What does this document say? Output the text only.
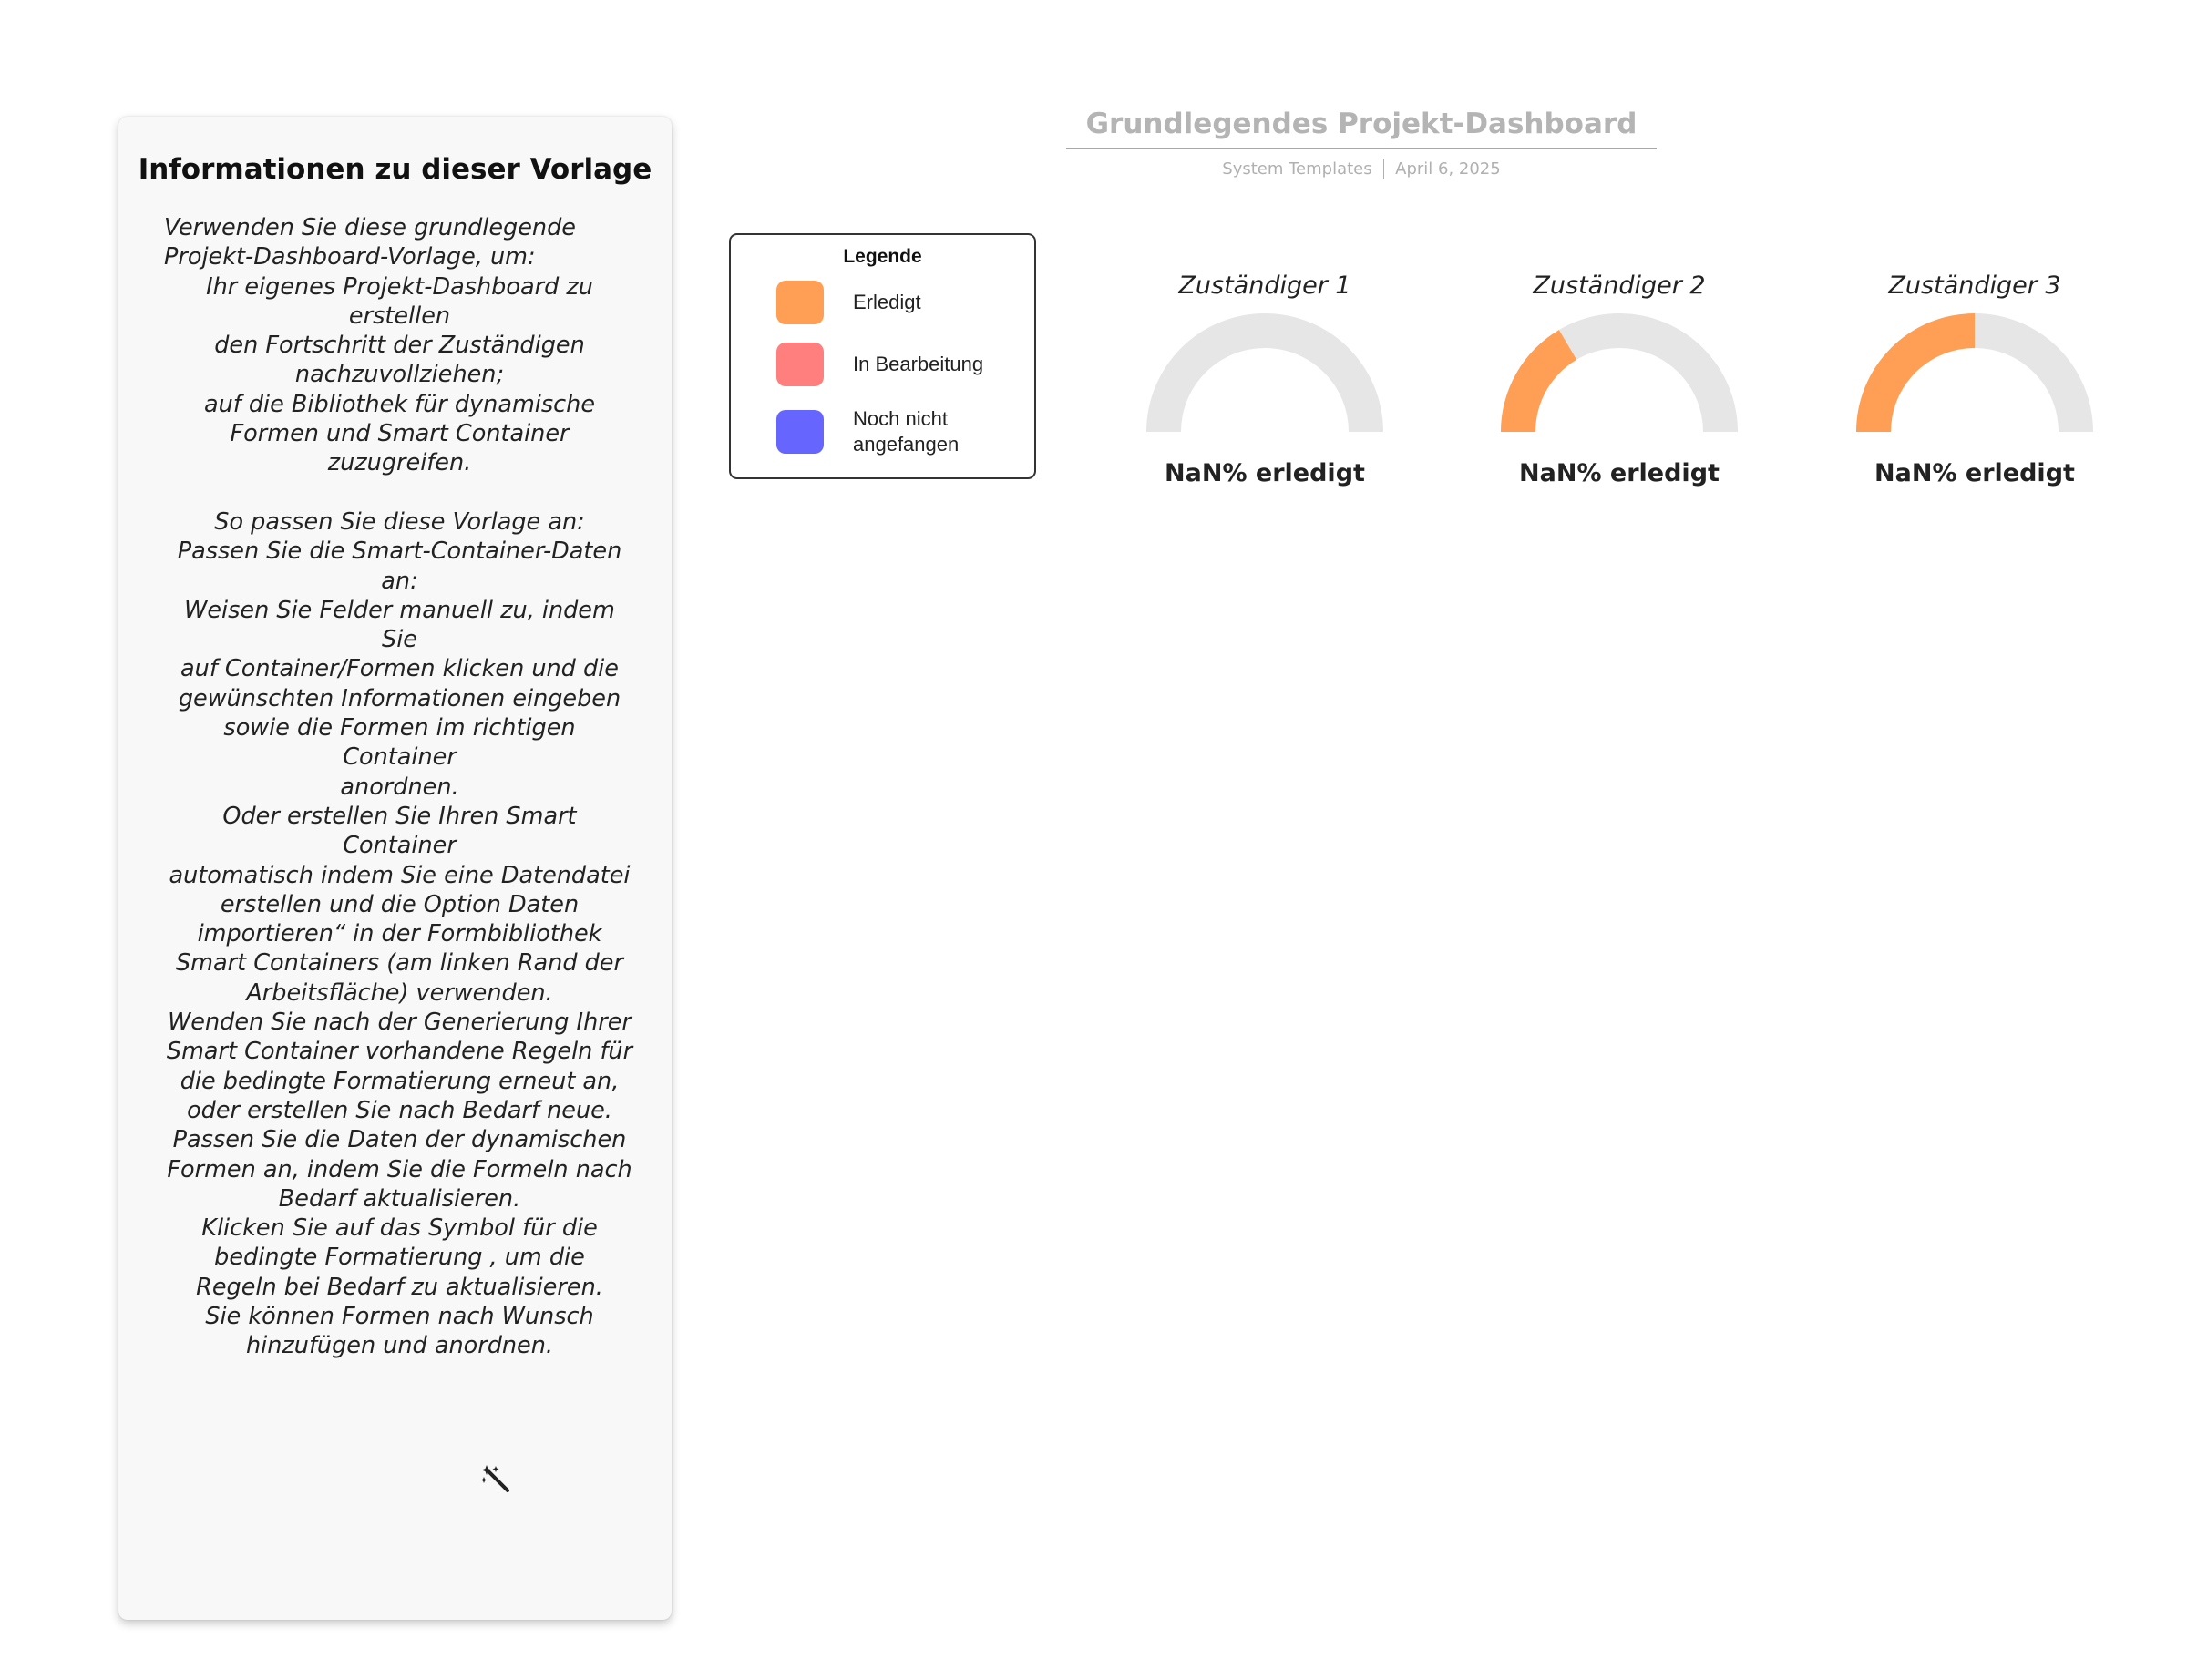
Informationen zu dieser Vorlage
Verwenden Sie diese grundlegende
Projekt-Dashboard-Vorlage, um:
Ihr eigenes Projekt-Dashboard zu
erstellen
den Fortschritt der Zuständigen
nachzuvollziehen;
auf die Bibliothek für dynamische
Formen und Smart Container
zuzugreifen.
So passen Sie diese Vorlage an:
Passen Sie die Smart-Container-Daten
an:
Weisen Sie Felder manuell zu, indem Sie
auf Container/Formen klicken und die
gewünschten Informationen eingeben
sowie die Formen im richtigen Container
anordnen.
Oder erstellen Sie Ihren Smart Container
automatisch indem Sie eine Datendatei
erstellen und die Option Daten
importieren“ in der Formbibliothek
Smart Containers (am linken Rand der
Arbeitsfläche) verwenden.
Wenden Sie nach der Generierung Ihrer
Smart Container vorhandene Regeln für
die bedingte Formatierung erneut an,
oder erstellen Sie nach Bedarf neue.
Passen Sie die Daten der dynamischen
Formen an, indem Sie die Formeln nach
Bedarf aktualisieren.
Klicken Sie auf das Symbol für die
bedingte Formatierung , um die
Regeln bei Bedarf zu aktualisieren.
Sie können Formen nach Wunsch
hinzufügen und anordnen.
Grundlegendes Projekt-Dashboard
System Templates April 6, 2025
Legende
Erledigt
In Bearbeitung
Noch nicht angefangen
Zuständiger 1
NaN% erledigt
Zuständiger 2
NaN% erledigt
Zuständiger 3
NaN% erledigt
